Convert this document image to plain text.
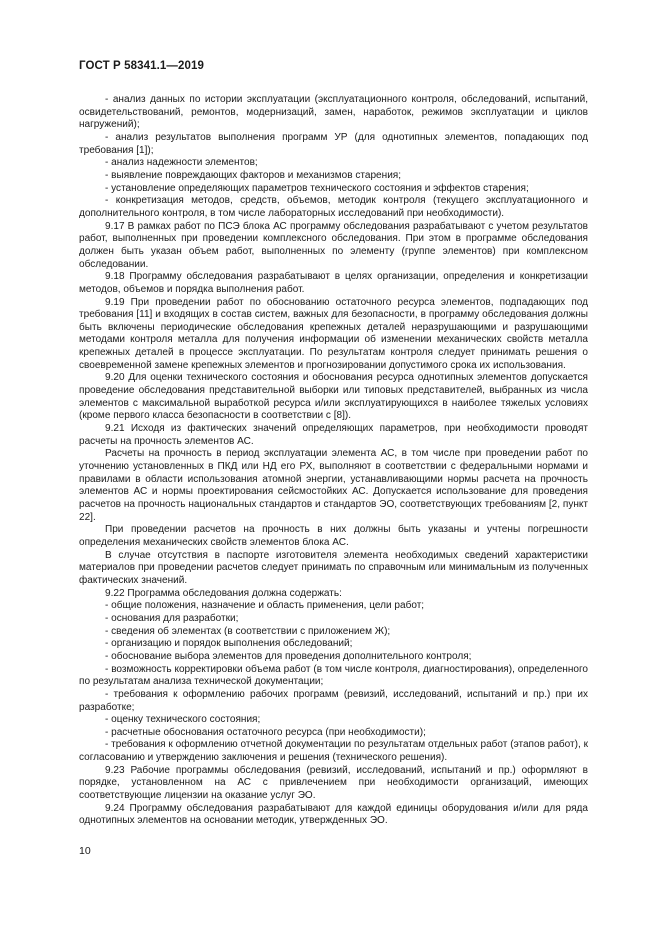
ГОСТ Р 58341.1—2019

- анализ данных по истории эксплуатации (эксплуатационного контроля, обследований, испытаний, освидетельствований, ремонтов, модернизаций, замен, наработок, режимов эксплуатации и циклов нагружений);

- анализ результатов выполнения программ УР (для однотипных элементов, попадающих под требования [1]);

- анализ надежности элементов;

- выявление повреждающих факторов и механизмов старения;

- установление определяющих параметров технического состояния и эффектов старения;

- конкретизация методов, средств, объемов, методик контроля (текущего эксплуатационного и дополнительного контроля, в том числе лабораторных исследований при необходимости).

9.17 В рамках работ по ПСЭ блока АС программу обследования разрабатывают с учетом результатов работ, выполненных при проведении комплексного обследования. При этом в программе обследования должен быть указан объем работ, выполненных по элементу (группе элементов) при комплексном обследовании.

9.18 Программу обследования разрабатывают в целях организации, определения и конкретизации методов, объемов и порядка выполнения работ.

9.19 При проведении работ по обоснованию остаточного ресурса элементов, подпадающих под требования [11] и входящих в состав систем, важных для безопасности, в программу обследования должны быть включены периодические обследования крепежных деталей неразрушающими и разрушающими методами контроля металла для получения информации об изменении механических свойств металла крепежных деталей в процессе эксплуатации. По результатам контроля следует принимать решения о своевременной замене крепежных элементов и прогнозировании допустимого срока их использования.

9.20 Для оценки технического состояния и обоснования ресурса однотипных элементов допускается проведение обследования представительной выборки или типовых представителей, выбранных из числа элементов с максимальной выработкой ресурса и/или эксплуатирующихся в наиболее тяжелых условиях (кроме первого класса безопасности в соответствии с [8]).

9.21 Исходя из фактических значений определяющих параметров, при необходимости проводят расчеты на прочность элементов АС.

Расчеты на прочность в период эксплуатации элемента АС, в том числе при проведении работ по уточнению установленных в ПКД или НД его РХ, выполняют в соответствии с федеральными нормами и правилами в области использования атомной энергии, устанавливающими нормы расчета на прочность элементов АС и нормы проектирования сейсмостойких АС. Допускается использование для проведения расчетов на прочность национальных стандартов и стандартов ЭО, соответствующих требованиям [2, пункт 22].

При проведении расчетов на прочность в них должны быть указаны и учтены погрешности определения механических свойств элементов блока АС.

В случае отсутствия в паспорте изготовителя элемента необходимых сведений характеристики материалов при проведении расчетов следует принимать по справочным или минимальным из полученных фактических значений.

9.22 Программа обследования должна содержать:

- общие положения, назначение и область применения, цели работ;

- основания для разработки;

- сведения об элементах (в соответствии с приложением Ж);

- организацию и порядок выполнения обследований;

- обоснование выбора элементов для проведения дополнительного контроля;

- возможность корректировки объема работ (в том числе контроля, диагностирования), определенного по результатам анализа технической документации;

- требования к оформлению рабочих программ (ревизий, исследований, испытаний и пр.) при их разработке;

- оценку технического состояния;

- расчетные обоснования остаточного ресурса (при необходимости);

- требования к оформлению отчетной документации по результатам отдельных работ (этапов работ), к согласованию и утверждению заключения и решения (технического решения).

9.23 Рабочие программы обследования (ревизий, исследований, испытаний и пр.) оформляют в порядке, установленном на АС с привлечением при необходимости организаций, имеющих соответствующие лицензии на оказание услуг ЭО.

9.24 Программу обследования разрабатывают для каждой единицы оборудования и/или для ряда однотипных элементов на основании методик, утвержденных ЭО.

10
